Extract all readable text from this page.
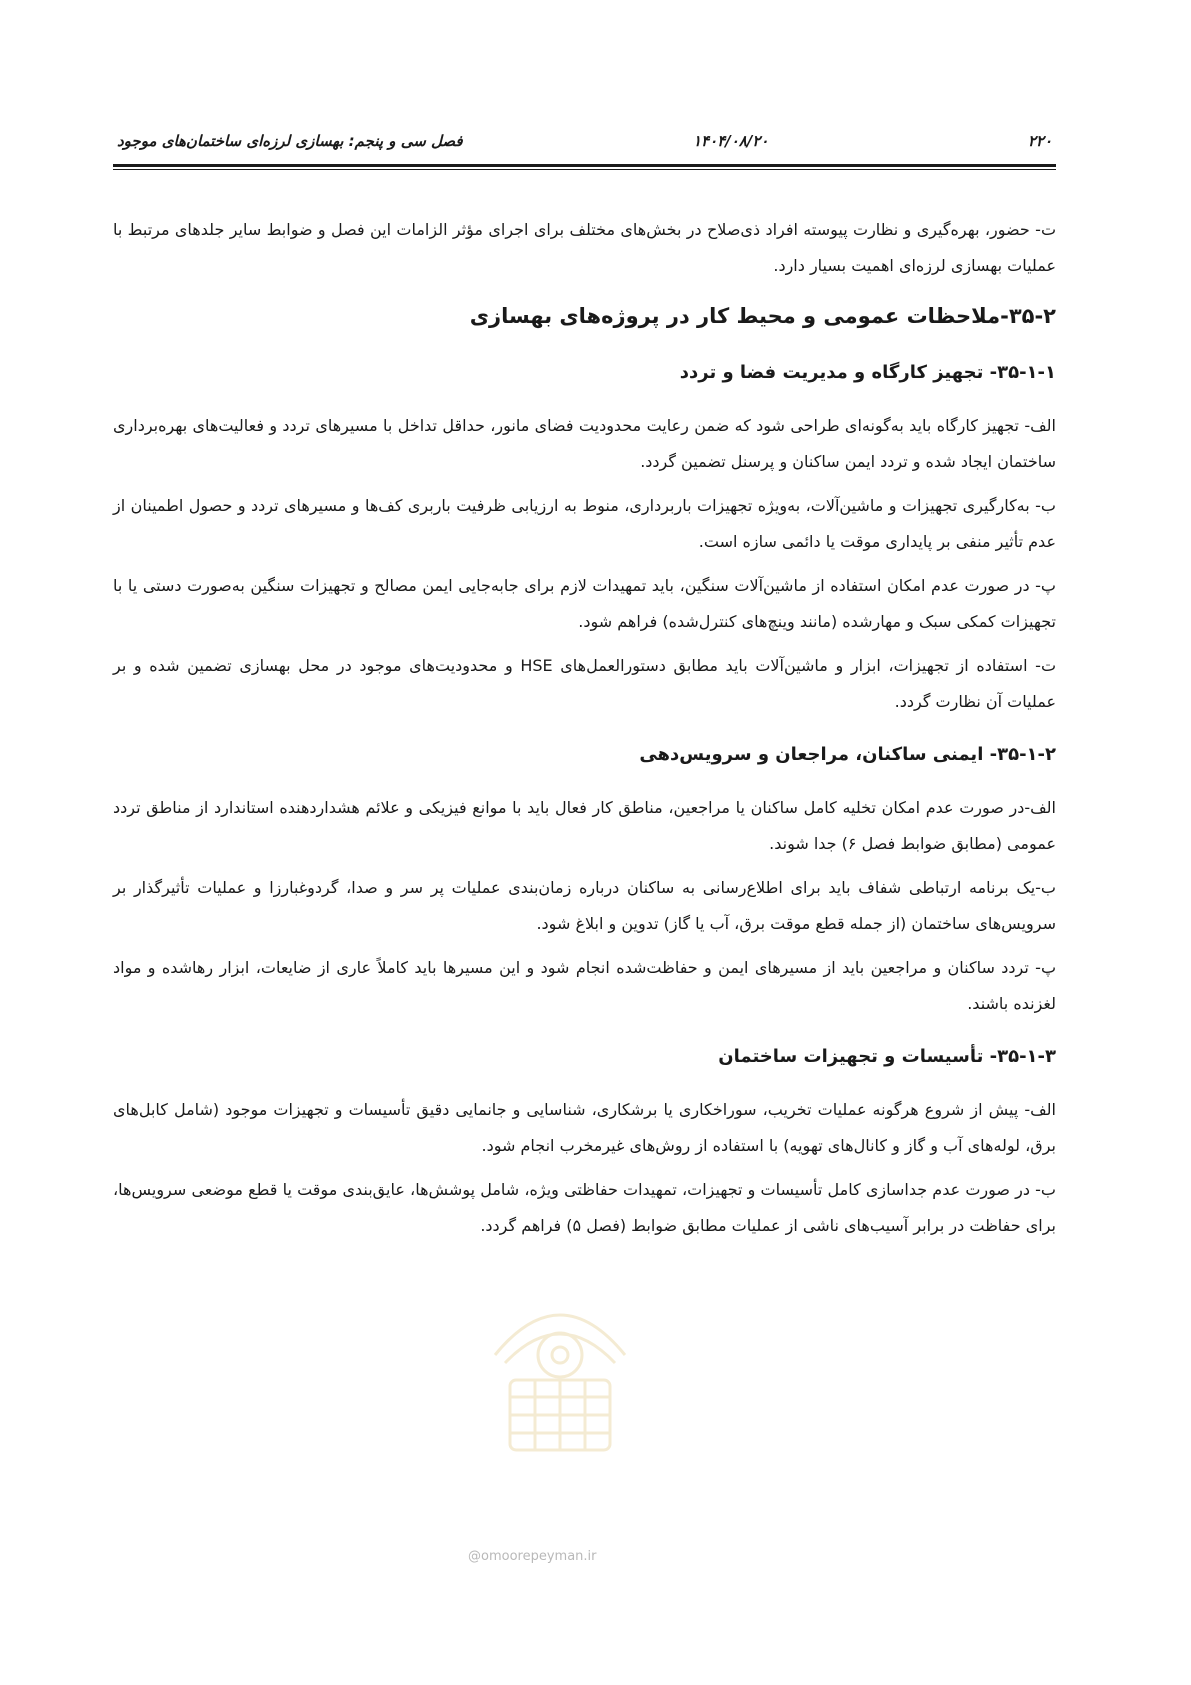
فصل سی و پنجم: بهسازی لرزه‌ای ساختمان‌های موجود	۱۴۰۴/۰۸/۲۰	۲۲۰

ت- حضور، بهره‌گیری و نظارت پیوسته افراد ذی‌صلاح در بخش‌های مختلف برای اجرای مؤثر الزامات این فصل و ضوابط سایر جلدهای مرتبط با عملیات بهسازی لرزه‌ای اهمیت بسیار دارد.

۳۵-۲-ملاحظات عمومی و محیط کار در پروژه‌های بهسازی
۳۵-۱-۱- تجهیز کارگاه و مدیریت فضا و تردد

الف- تجهیز کارگاه باید به‌گونه‌ای طراحی شود که ضمن رعایت محدودیت فضای مانور، حداقل تداخل با مسیرهای تردد و فعالیت‌های بهره‌برداری ساختمان ایجاد شده و تردد ایمن ساکنان و پرسنل تضمین گردد.

ب- به‌کارگیری تجهیزات و ماشین‌آلات، به‌ویژه تجهیزات باربرداری، منوط به ارزیابی ظرفیت باربری کف‌ها و مسیرهای تردد و حصول اطمینان از عدم تأثیر منفی بر پایداری موقت یا دائمی سازه است.

پ- در صورت عدم امکان استفاده از ماشین‌آلات سنگین، باید تمهیدات لازم برای جابه‌جایی ایمن مصالح و تجهیزات سنگین به‌صورت دستی یا با تجهیزات کمکی سبک و مهارشده (مانند وینچ‌های کنترل‌شده) فراهم شود.

ت- استفاده از تجهیزات، ابزار و ماشین‌آلات باید مطابق دستورالعمل‌های HSE و محدودیت‌های موجود در محل بهسازی تضمین شده و بر عملیات آن نظارت گردد.

۳۵-۱-۲- ایمنی ساکنان، مراجعان و سرویس‌دهی

الف-در صورت عدم امکان تخلیه کامل ساکنان یا مراجعین، مناطق کار فعال باید با موانع فیزیکی و علائم هشداردهنده استاندارد از مناطق تردد عمومی (مطابق ضوابط فصل ۶) جدا شوند.

ب-یک برنامه ارتباطی شفاف باید برای اطلاع‌رسانی به ساکنان درباره زمان‌بندی عملیات پر سر و صدا، گردوغبارزا و عملیات تأثیرگذار بر سرویس‌های ساختمان (از جمله قطع موقت برق، آب یا گاز) تدوین و ابلاغ شود.

پ- تردد ساکنان و مراجعین باید از مسیرهای ایمن و حفاظت‌شده انجام شود و این مسیرها باید کاملاً عاری از ضایعات، ابزار رهاشده و مواد لغزنده باشند.

۳۵-۱-۳- تأسیسات و تجهیزات ساختمان

الف- پیش از شروع هرگونه عملیات تخریب، سوراخکاری یا برشکاری، شناسایی و جانمایی دقیق تأسیسات و تجهیزات موجود (شامل کابل‌های برق، لوله‌های آب و گاز و کانال‌های تهویه) با استفاده از روش‌های غیرمخرب انجام شود.

ب- در صورت عدم جداسازی کامل تأسیسات و تجهیزات، تمهیدات حفاظتی ویژه، شامل پوشش‌ها، عایق‌بندی موقت یا قطع موضعی سرویس‌ها، برای حفاظت در برابر آسیب‌های ناشی از عملیات مطابق ضوابط (فصل ۵) فراهم گردد.

@omoorepeyman.ir
